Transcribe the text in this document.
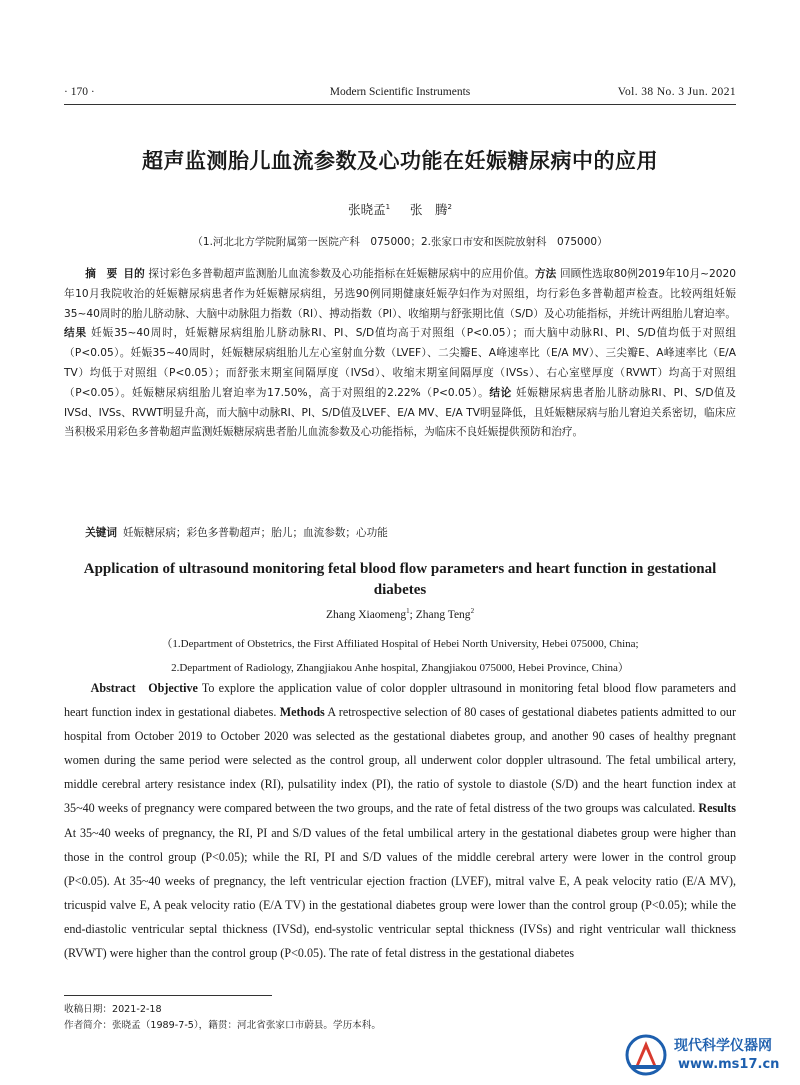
· 170 ·	Modern Scientific Instruments	Vol. 38 No. 3 Jun. 2021
超声监测胎儿血流参数及心功能在妊娠糖尿病中的应用
张晓孟$^1$ 张　腾$^2$
（1.河北北方学院附属第一医院产科　075000；2.张家口市安和医院放射科　075000）

摘　要 目的 探讨彩色多普勒超声监测胎儿血流参数及心功能指标在妊娠糖尿病中的应用价值。方法 回顾性选取80例2019年10月~2020年10月我院收治的妊娠糖尿病患者作为妊娠糖尿病组，另选90例同期健康妊娠孕妇作为对照组，均行彩色多普勒超声检查。比较两组妊娠35~40周时的胎儿脐动脉、大脑中动脉阻力指数（RI）、搏动指数（PI）、收缩期与舒张期比值（S/D）及心功能指标，并统计两组胎儿窘迫率。结果 妊娠35~40周时，妊娠糖尿病组胎儿脐动脉RI、PI、S/D值均高于对照组（P<0.05）；而大脑中动脉RI、PI、S/D值均低于对照组（P<0.05）。妊娠35~40周时，妊娠糖尿病组胎儿左心室射血分数（LVEF）、二尖瓣E、A峰速率比（E/A MV）、三尖瓣E、A峰速率比（E/A TV）均低于对照组（P<0.05）；而舒张末期室间隔厚度（IVSd）、收缩末期室间隔厚度（IVSs）、右心室壁厚度（RVWT）均高于对照组（P<0.05）。妊娠糖尿病组胎儿窘迫率为17.50%，高于对照组的2.22%（P<0.05）。结论 妊娠糖尿病患者胎儿脐动脉RI、PI、S/D值及IVSd、IVSs、RVWT明显升高，而大脑中动脉RI、PI、S/D值及LVEF、E/A MV、E/A TV明显降低，且妊娠糖尿病与胎儿窘迫关系密切，临床应当积极采用彩色多普勒超声监测妊娠糖尿病患者胎儿血流参数及心功能指标，为临床不良妊娠提供预防和治疗。

关键词 妊娠糖尿病；彩色多普勒超声；胎儿；血流参数；心功能
Application of ultrasound monitoring fetal blood flow parameters and heart function in gestational diabetes
Zhang Xiaomeng$^1$; Zhang Teng$^2$
（1.Department of Obstetrics, the First Affiliated Hospital of Hebei North University, Hebei 075000, China;
2.Department of Radiology, Zhangjiakou Anhe hospital, Zhangjiakou 075000, Hebei Province, China）

Abstract Objective To explore the application value of color doppler ultrasound in monitoring fetal blood flow parameters and heart function index in gestational diabetes. Methods A retrospective selection of 80 cases of gestational diabetes patients admitted to our hospital from October 2019 to October 2020 was selected as the gestational diabetes group, and another 90 cases of healthy pregnant women during the same period were selected as the control group, all underwent color doppler ultrasound. The fetal umbilical artery, middle cerebral artery resistance index (RI), pulsatility index (PI), the ratio of systole to diastole (S/D) and the heart function index at 35~40 weeks of pregnancy were compared between the two groups, and the rate of fetal distress of the two groups was calculated. Results At 35~40 weeks of pregnancy, the RI, PI and S/D values of the fetal umbilical artery in the gestational diabetes group were higher than those in the control group (P<0.05); while the RI, PI and S/D values of the middle cerebral artery were lower in the control group (P<0.05). At 35~40 weeks of pregnancy, the left ventricular ejection fraction (LVEF), mitral valve E, A peak velocity ratio (E/A MV), tricuspid valve E, A peak velocity ratio (E/A TV) in the gestational diabetes group were lower than the control group (P<0.05); while the end-diastolic ventricular septal thickness (IVSd), end-systolic ventricular septal thickness (IVSs) and right ventricular wall thickness (RVWT) were higher than the control group (P<0.05). The rate of fetal distress in the gestational diabetes

收稿日期：2021-2-18
作者简介：张晓孟（1989-7-5），籍贯：河北省张家口市蔚县。学历本科。
现代科学仪器网
www.ms17.cn
